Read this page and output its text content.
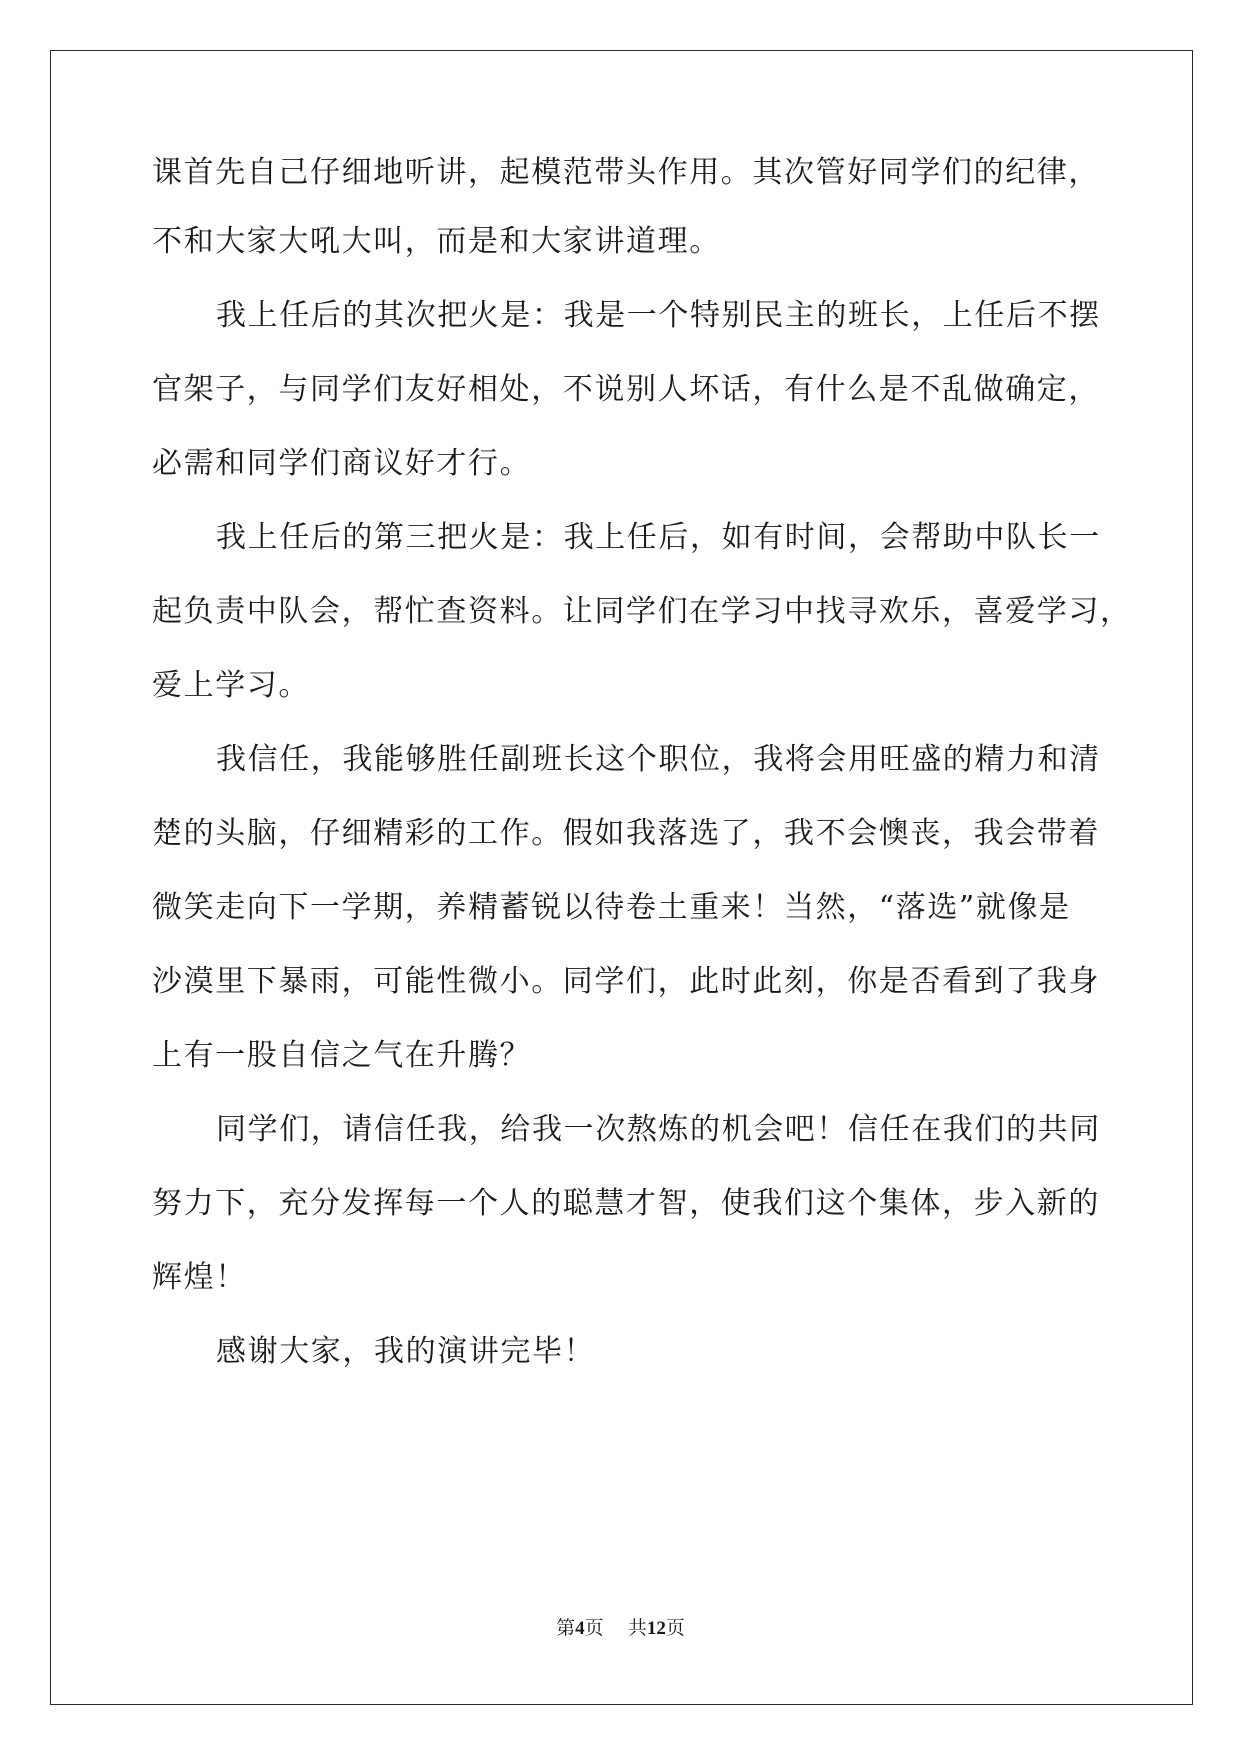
课首先自己仔细地听讲，起模范带头作用。其次管好同学们的纪律，
不和大家大吼大叫，而是和大家讲道理。
我上任后的其次把火是：我是一个特别民主的班长，上任后不摆
官架子，与同学们友好相处，不说别人坏话，有什么是不乱做确定，
必需和同学们商议好才行。
我上任后的第三把火是：我上任后，如有时间，会帮助中队长一
起负责中队会，帮忙查资料。让同学们在学习中找寻欢乐，喜爱学习，
爱上学习。
我信任，我能够胜任副班长这个职位，我将会用旺盛的精力和清
楚的头脑，仔细精彩的工作。假如我落选了，我不会懊丧，我会带着
微笑走向下一学期，养精蓄锐以待卷土重来！当然，“落选”就像是
沙漠里下暴雨，可能性微小。同学们，此时此刻，你是否看到了我身
上有一股自信之气在升腾？
同学们，请信任我，给我一次熬炼的机会吧！信任在我们的共同
努力下，充分发挥每一个人的聪慧才智，使我们这个集体，步入新的
辉煌！
感谢大家，我的演讲完毕！
第4页 共12页
